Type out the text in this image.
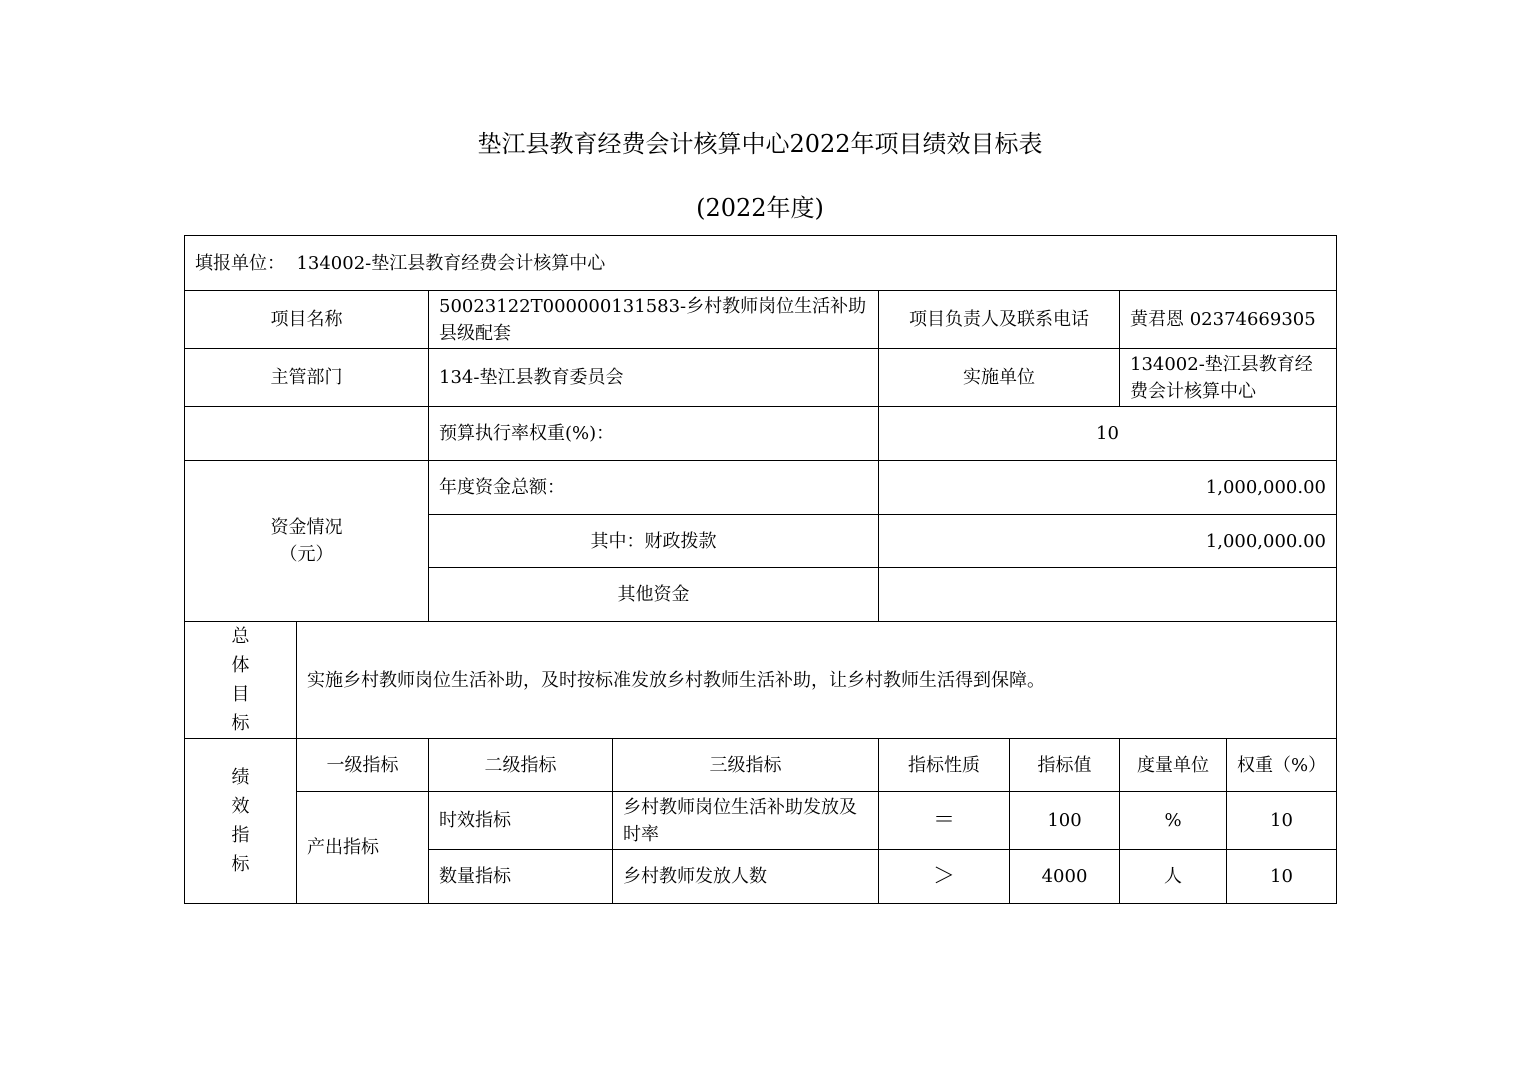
垫江县教育经费会计核算中心2022年项目绩效目标表
(2022年度)
填报单位： 134002-垫江县教育经费会计核算中心							
项目名称		50023122T000000131583-乡村教师岗位生活补助县级配套		项目负责人及联系电话		黄君恩 02374669305	
主管部门		134-垫江县教育委员会		实施单位		134002-垫江县教育经费会计核算中心	
		预算执行率权重(%)：		10			

资金情况
（元）		年度资金总额：		1,000,000.00			
		其中：财政拨款		1,000,000.00			
		其他资金					

总
体
目
标	实施乡村教师岗位生活补助，及时按标准发放乡村教师生活补助，让乡村教师生活得到保障。						

绩
效
指
标	一级指标	二级指标	三级指标	指标性质	指标值	度量单位	权重（%）
	产出指标	时效指标	乡村教师岗位生活补助发放及时率	＝	100	%	10
		数量指标	乡村教师发放人数	＞	4000	人	10
